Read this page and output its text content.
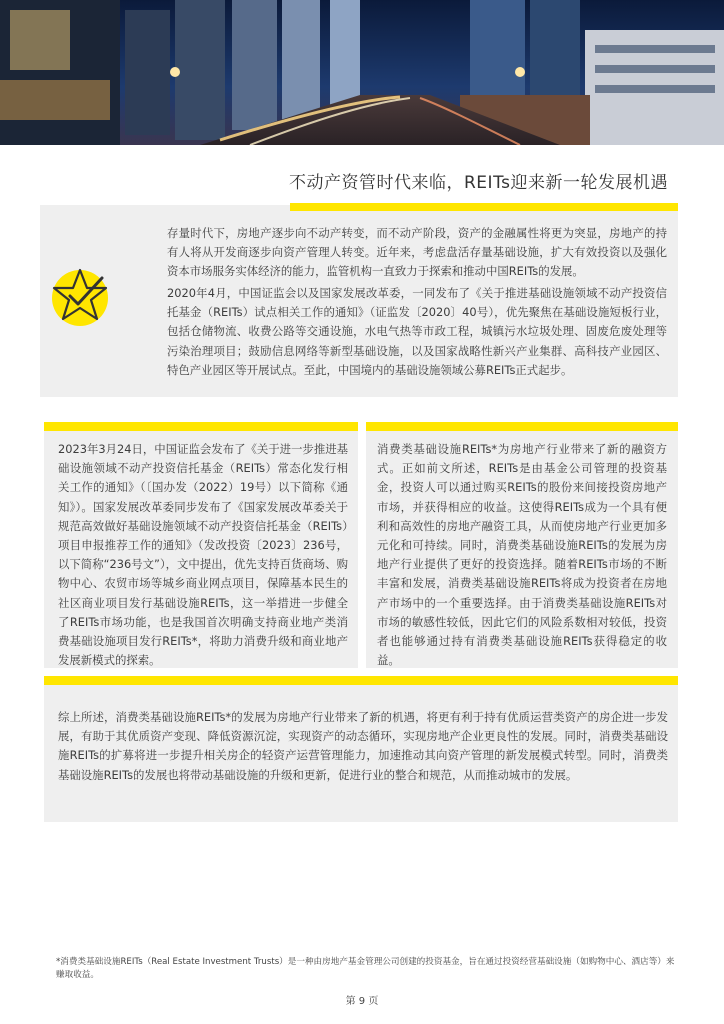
不动产资管时代来临，REITs迎来新一轮发展机遇
存量时代下，房地产逐步向不动产转变，而不动产阶段，资产的金融属性将更为突显，房地产的持有人将从开发商逐步向资产管理人转变。近年来，考虑盘活存量基础设施，扩大有效投资以及强化资本市场服务实体经济的能力，监管机构一直致力于探索和推动中国REITs的发展。
2020年4月，中国证监会以及国家发展改革委，一同发布了《关于推进基础设施领域不动产投资信托基金（REITs）试点相关工作的通知》（证监发〔2020〕40号），优先聚焦在基础设施短板行业，包括仓储物流、收费公路等交通设施，水电气热等市政工程，城镇污水垃圾处理、固废危废处理等污染治理项目；鼓励信息网络等新型基础设施，以及国家战略性新兴产业集群、高科技产业园区、特色产业园区等开展试点。至此，中国境内的基础设施领域公募REITs正式起步。
2023年3月24日，中国证监会发布了《关于进一步推进基础设施领域不动产投资信托基金（REITs）常态化发行相关工作的通知》（〔国办发（2022）19号）以下简称《通知》）。国家发展改革委同步发布了《国家发展改革委关于规范高效做好基础设施领域不动产投资信托基金（REITs）项目申报推荐工作的通知》（发改投资〔2023〕236号，以下简称“236号文”），文中提出，优先支持百货商场、购物中心、农贸市场等城乡商业网点项目，保障基本民生的社区商业项目发行基础设施REITs，这一举措进一步健全了REITs市场功能，也是我国首次明确支持商业地产类消费基础设施项目发行REITs*，将助力消费升级和商业地产发展新模式的探索。
消费类基础设施REITs*为房地产行业带来了新的融资方式。正如前文所述，REITs是由基金公司管理的投资基金，投资人可以通过购买REITs的股份来间接投资房地产市场，并获得相应的收益。这使得REITs成为一个具有便利和高效性的房地产融资工具，从而使房地产行业更加多元化和可持续。同时，消费类基础设施REITs的发展为房地产行业提供了更好的投资选择。随着REITs市场的不断丰富和发展，消费类基础设施REITs将成为投资者在房地产市场中的一个重要选择。由于消费类基础设施REITs对市场的敏感性较低，因此它们的风险系数相对较低，投资者也能够通过持有消费类基础设施REITs获得稳定的收益。
综上所述，消费类基础设施REITs*的发展为房地产行业带来了新的机遇，将更有利于持有优质运营类资产的房企进一步发展，有助于其优质资产变现、降低资源沉淀，实现资产的动态循环，实现房地产企业更良性的发展。同时，消费类基础设施REITs的扩募将进一步提升相关房企的轻资产运营管理能力，加速推动其向资产管理的新发展模式转型。同时，消费类基础设施REITs的发展也将带动基础设施的升级和更新，促进行业的整合和规范，从而推动城市的发展。
*消费类基础设施REITs（Real Estate Investment Trusts）是一种由房地产基金管理公司创建的投资基金，旨在通过投资经营基础设施（如购物中心、酒店等）来赚取收益。
第 9 页
